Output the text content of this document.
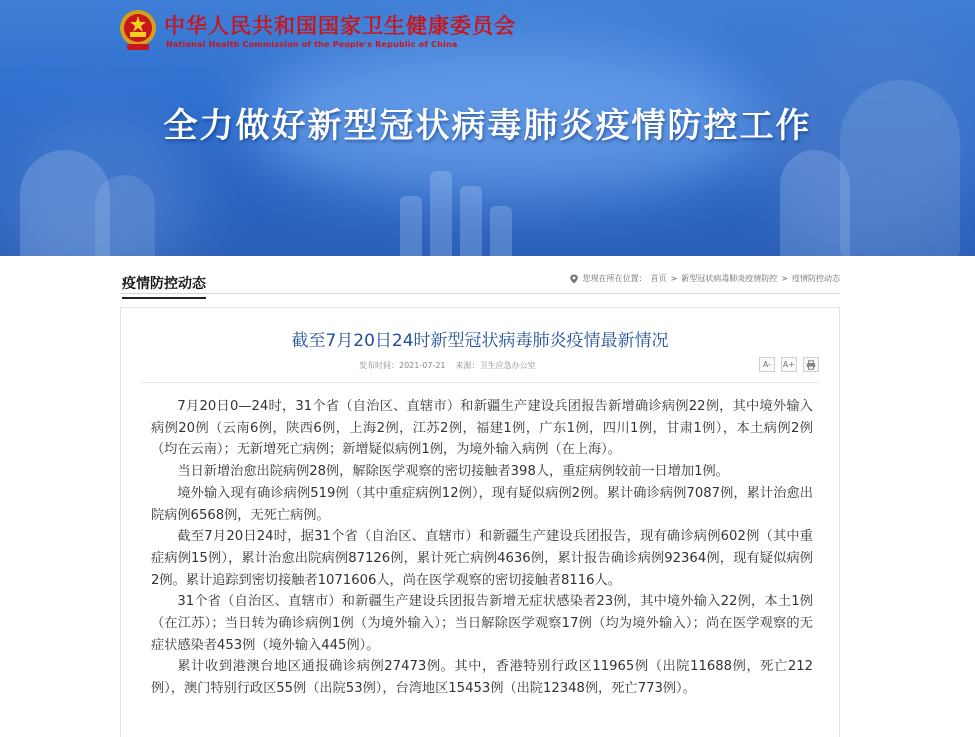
中华人民共和国国家卫生健康委员会
National Health Commission of the People's Republic of China
全力做好新型冠状病毒肺炎疫情防控工作
疫情防控动态	您现在所在位置： 首页 > 新型冠状病毒肺炎疫情防控 > 疫情防控动态
截至7月20日24时新型冠状病毒肺炎疫情最新情况
发布时间：2021-07-21 来源：卫生应急办公室	A-	A+

7月20日0—24时，31个省（自治区、直辖市）和新疆生产建设兵团报告新增确诊病例22例，其中境外输入病例20例（云南6例，陕西6例，上海2例，江苏2例，福建1例，广东1例，四川1例，甘肃1例），本土病例2例（均在云南）；无新增死亡病例；新增疑似病例1例，为境外输入病例（在上海）。

当日新增治愈出院病例28例，解除医学观察的密切接触者398人，重症病例较前一日增加1例。

境外输入现有确诊病例519例（其中重症病例12例），现有疑似病例2例。累计确诊病例7087例，累计治愈出院病例6568例，无死亡病例。

截至7月20日24时，据31个省（自治区、直辖市）和新疆生产建设兵团报告，现有确诊病例602例（其中重症病例15例），累计治愈出院病例87126例，累计死亡病例4636例，累计报告确诊病例92364例，现有疑似病例2例。累计追踪到密切接触者1071606人，尚在医学观察的密切接触者8116人。

31个省（自治区、直辖市）和新疆生产建设兵团报告新增无症状感染者23例，其中境外输入22例，本土1例（在江苏）；当日转为确诊病例1例（为境外输入）；当日解除医学观察17例（均为境外输入）；尚在医学观察的无症状感染者453例（境外输入445例）。

累计收到港澳台地区通报确诊病例27473例。其中，香港特别行政区11965例（出院11688例，死亡212例），澳门特别行政区55例（出院53例），台湾地区15453例（出院12348例，死亡773例）。
